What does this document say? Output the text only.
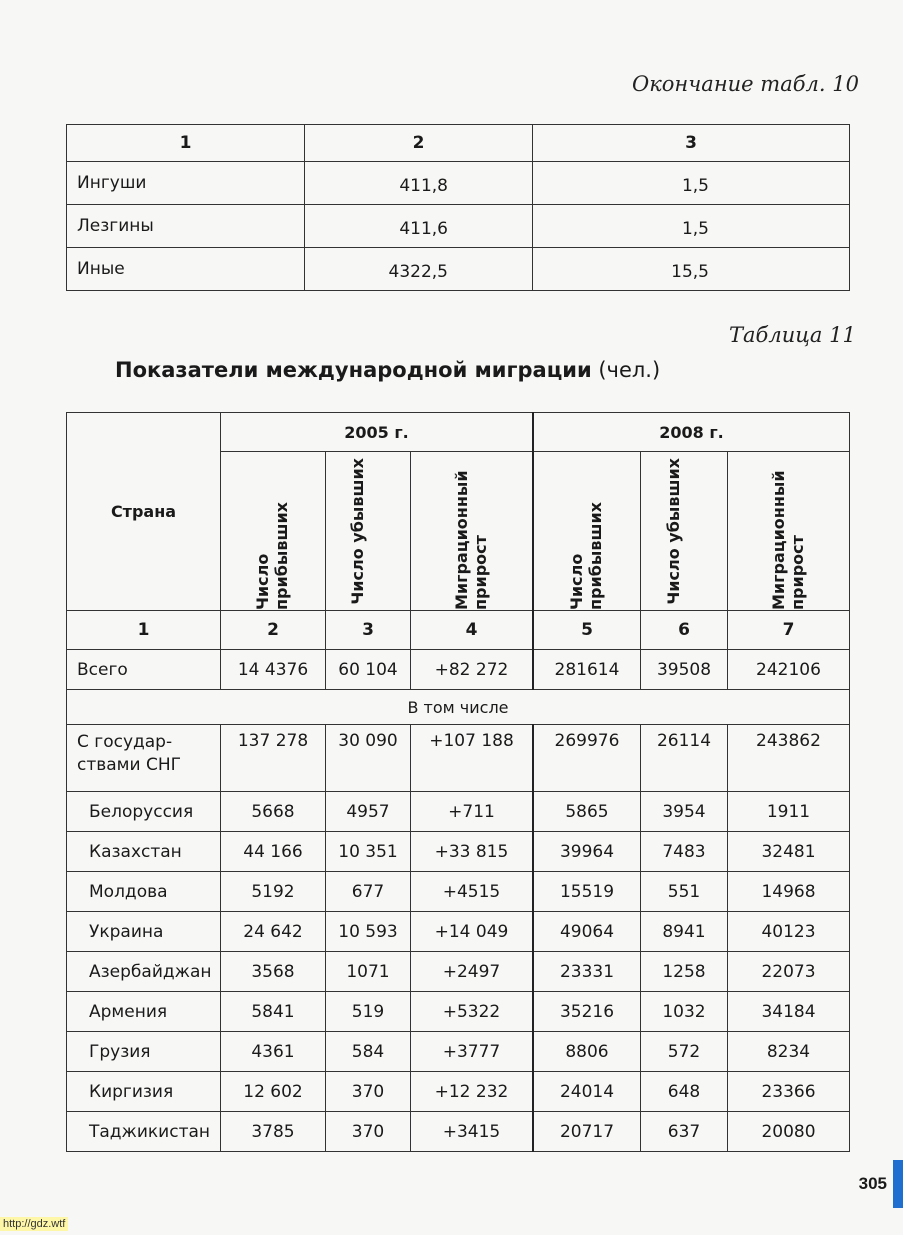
Окончание табл. 10
1	2	3
Ингуши	411,8	1,5
Лезгины	411,6	1,5
Иные	4322,5	15,5
Таблица 11
Показатели международной миграции (чел.)
Страна	2005 г.			2008 г.		

	Число прибывших	Число убывших	Миграционный прирост	Число прибывших	Число убывших	Миграционный прирост

1	2	3	4	5	6	7
Всего	14 4376	60 104	+82 272	281614	39508	242106
В том числе						
С государ-
ствами СНГ	137 278	30 090	+107 188	269976	26114	243862
Белоруссия	5668	4957	+711	5865	3954	1911
Казахстан	44 166	10 351	+33 815	39964	7483	32481
Молдова	5192	677	+4515	15519	551	14968
Украина	24 642	10 593	+14 049	49064	8941	40123
Азербайджан	3568	1071	+2497	23331	1258	22073
Армения	5841	519	+5322	35216	1032	34184
Грузия	4361	584	+3777	8806	572	8234
Киргизия	12 602	370	+12 232	24014	648	23366
Таджикистан	3785	370	+3415	20717	637	20080
305
http://gdz.wtf
